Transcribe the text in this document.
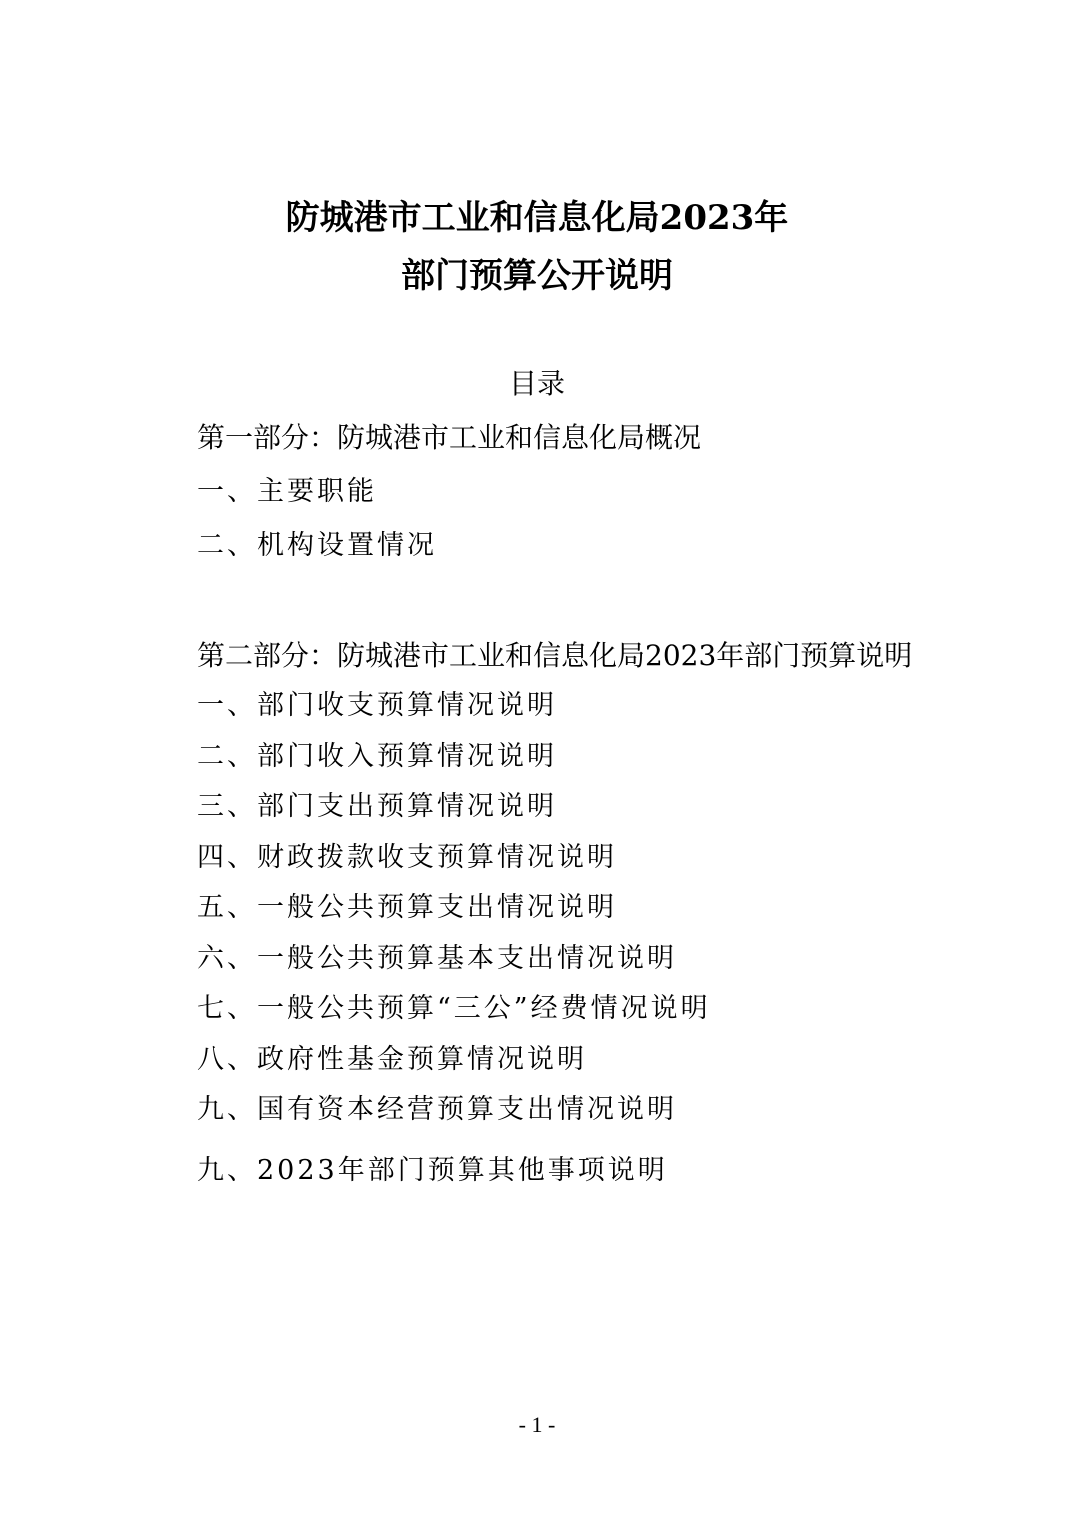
防城港市工业和信息化局2023年
部门预算公开说明
目录
第一部分：防城港市工业和信息化局概况
一、主要职能
二、机构设置情况
第二部分：防城港市工业和信息化局2023年部门预算说明
一、部门收支预算情况说明
二、部门收入预算情况说明
三、部门支出预算情况说明
四、财政拨款收支预算情况说明
五、一般公共预算支出情况说明
六、一般公共预算基本支出情况说明
七、一般公共预算“三公”经费情况说明
八、政府性基金预算情况说明
九、国有资本经营预算支出情况说明
九、2023年部门预算其他事项说明
- 1 -
